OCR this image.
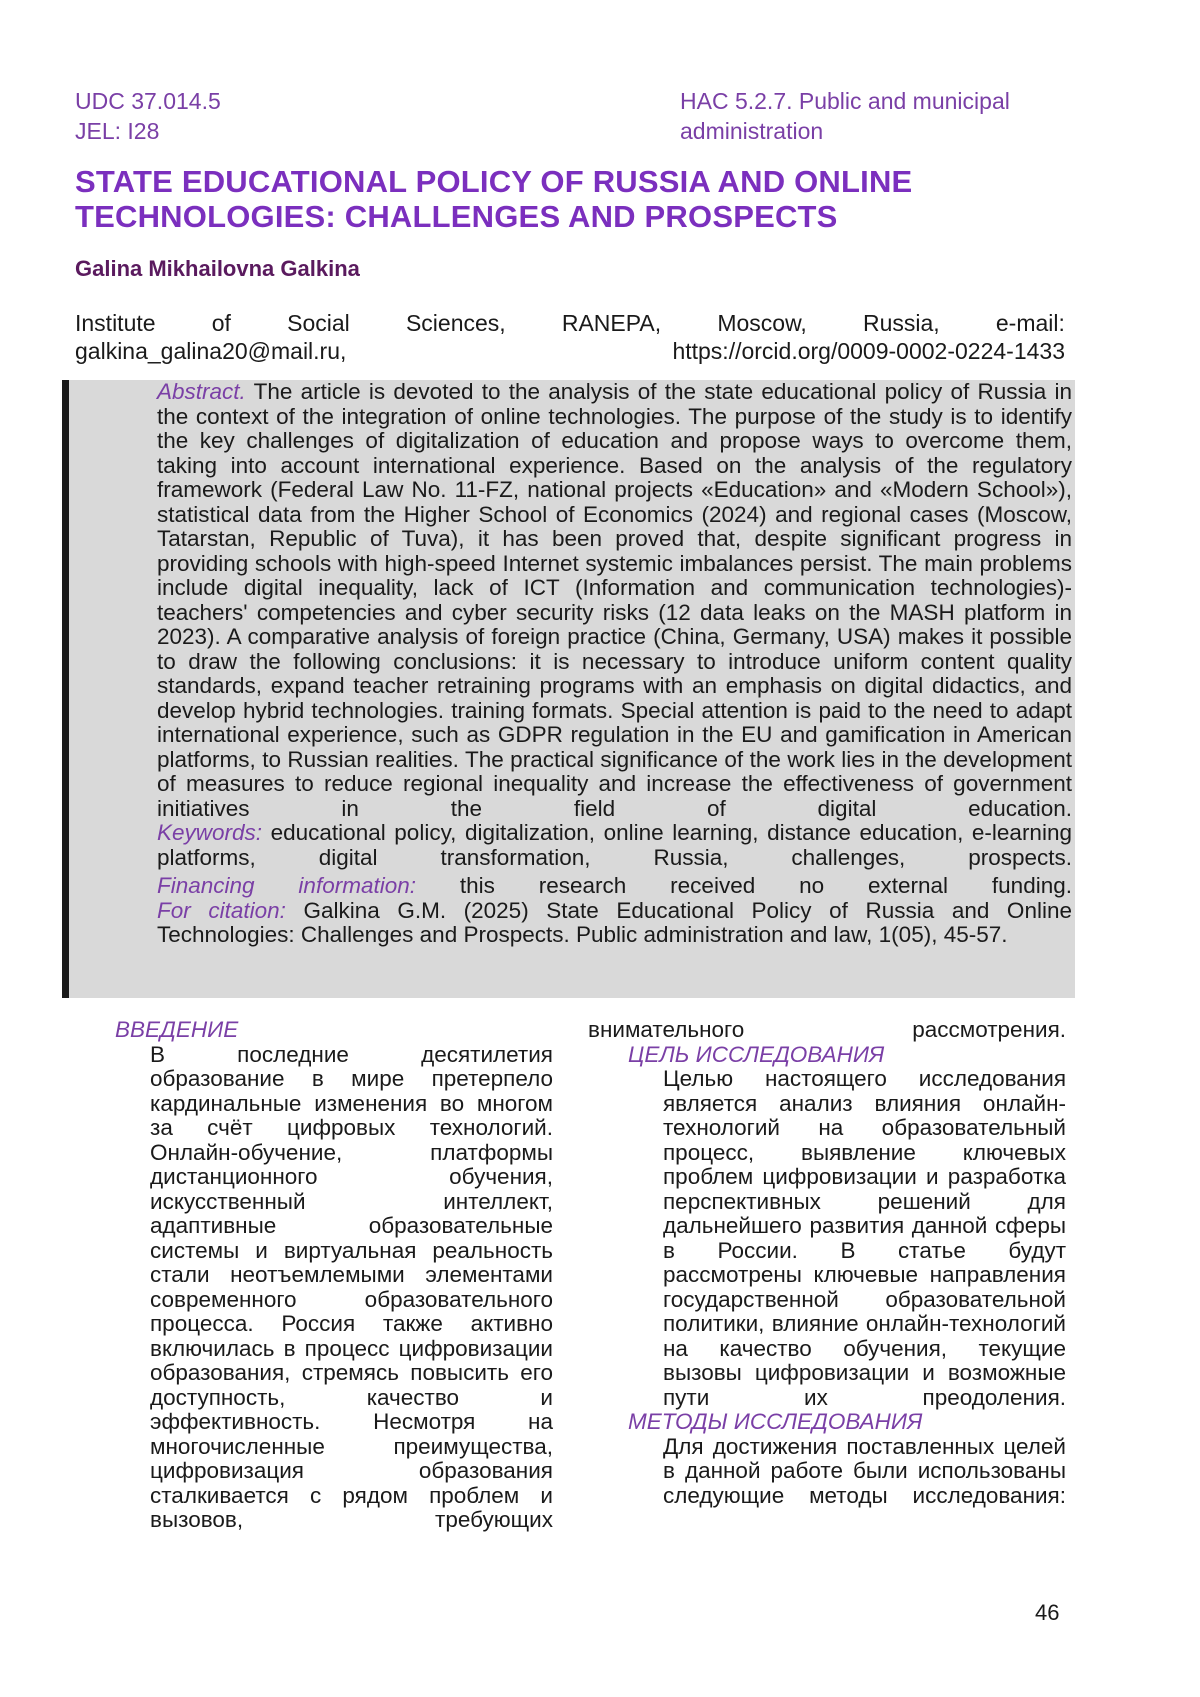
UDC 37.014.5
JEL: I28
HAC 5.2.7. Public and municipal
administration
STATE EDUCATIONAL POLICY OF RUSSIA AND ONLINE
TECHNOLOGIES: CHALLENGES AND PROSPECTS
Galina Mikhailovna Galkina
Institute of Social Sciences, RANEPA, Moscow, Russia, e-mail:
galkina_galina20@mail.ru,	https://orcid.org/0009-0002-0224-1433

Abstract. The article is devoted to the analysis of the state educational policy of Russia in the context of the integration of online technologies. The purpose of the study is to identify the key challenges of digitalization of education and propose ways to overcome them, taking into account international experience. Based on the analysis of the regulatory framework (Federal Law No. 11-FZ, national projects «Education» and «Modern School»), statistical data from the Higher School of Economics (2024) and regional cases (Moscow, Tatarstan, Republic of Tuva), it has been proved that, despite significant progress in providing schools with high-speed Internet systemic imbalances persist. The main problems include digital inequality, lack of ICT (Information and communication technologies)- teachers' competencies and cyber security risks (12 data leaks on the MASH platform in 2023). A comparative analysis of foreign practice (China, Germany, USA) makes it possible to draw the following conclusions: it is necessary to introduce uniform content quality standards, expand teacher retraining programs with an emphasis on digital didactics, and develop hybrid technologies. training formats. Special attention is paid to the need to adapt international experience, such as GDPR regulation in the EU and gamification in American platforms, to Russian realities. The practical significance of the work lies in the development of measures to reduce regional inequality and increase the effectiveness of government initiatives in the field of digital education.

Keywords: educational policy, digitalization, online learning, distance education, e-learning platforms, digital transformation, Russia, challenges, prospects.

Financing information: this research received no external funding.

For citation: Galkina G.M. (2025) State Educational Policy of Russia and Online Technologies: Challenges and Prospects. Public administration and law, 1(05), 45-57.

ВВЕДЕНИЕ

В последние десятилетия образование в мире претерпело кардинальные изменения во многом за счёт цифровых технологий. Онлайн-обучение, платформы дистанционного обучения, искусственный интеллект, адаптивные образовательные системы и виртуальная реальность стали неотъемлемыми элементами современного образовательного процесса. Россия также активно включилась в процесс цифровизации образования, стремясь повысить его доступность, качество и эффективность. Несмотря на многочисленные преимущества, цифровизация образования сталкивается с рядом проблем и вызовов, требующих

внимательного рассмотрения.

ЦЕЛЬ ИССЛЕДОВАНИЯ

Целью настоящего исследования является анализ влияния онлайн-технологий на образовательный процесс, выявление ключевых проблем цифровизации и разработка перспективных решений для дальнейшего развития данной сферы в России. В статье будут рассмотрены ключевые направления государственной образовательной политики, влияние онлайн-технологий на качество обучения, текущие вызовы цифровизации и возможные пути их преодоления.

МЕТОДЫ ИССЛЕДОВАНИЯ

Для достижения поставленных целей в данной работе были использованы следующие методы исследования:

46
